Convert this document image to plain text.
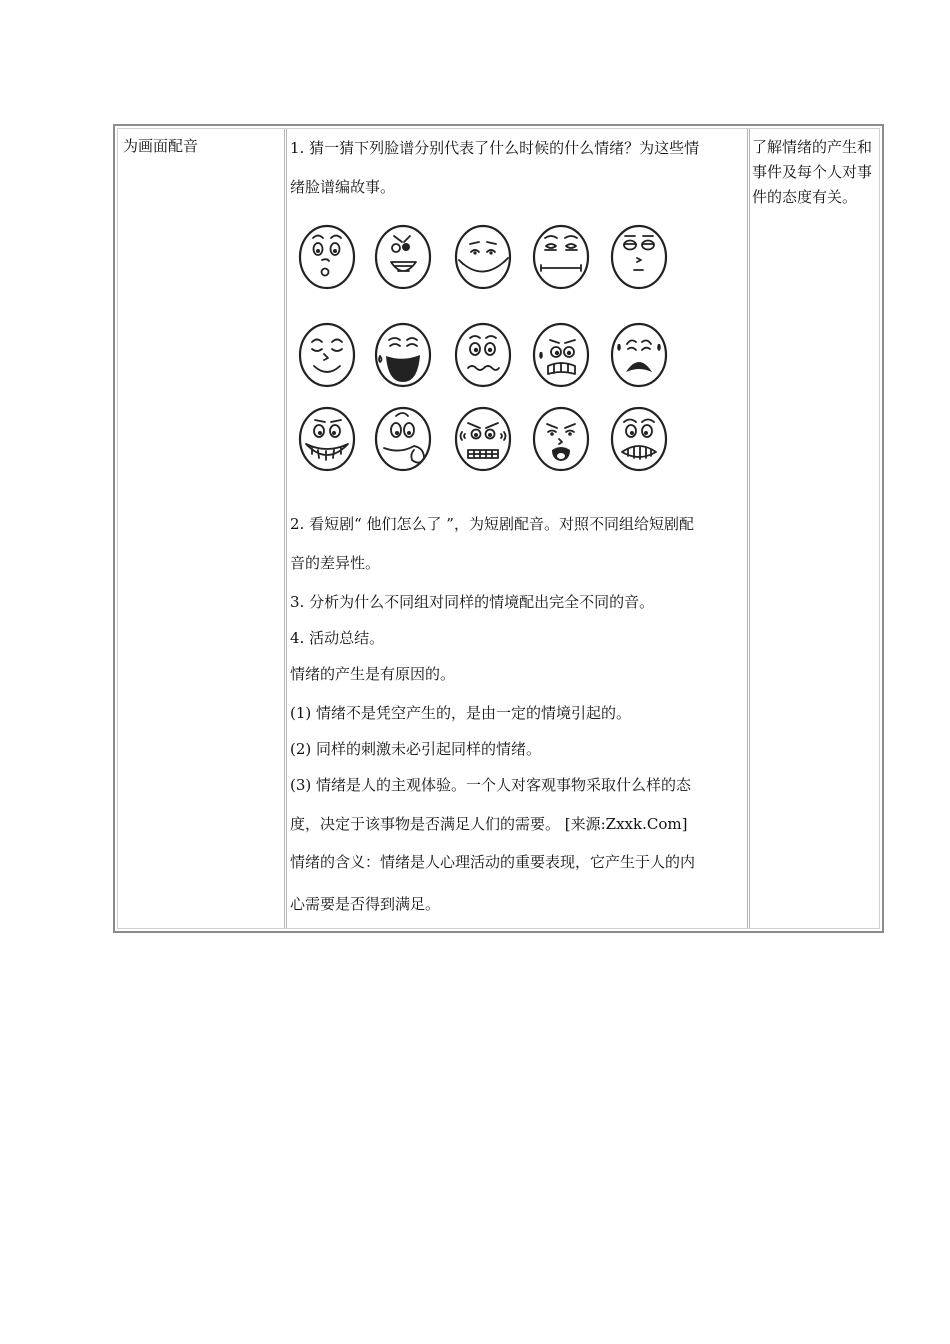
为画面配音	1. 猜一猜下列脸谱分别代表了什么时候的什么情绪？为这些情
绪脸谱编故事。
2. 看短剧“ 他们怎么了 ”，为短剧配音。对照不同组给短剧配
音的差异性。
3. 分析为什么不同组对同样的情境配出完全不同的音。
4. 活动总结。
情绪的产生是有原因的。
(1) 情绪不是凭空产生的，是由一定的情境引起的。
(2) 同样的刺激未必引起同样的情绪。
(3) 情绪是人的主观体验。一个人对客观事物采取什么样的态
度，决定于该事物是否满足人们的需要。 [来源:Zxxk.Com]
情绪的含义：情绪是人心理活动的重要表现，它产生于人的内
心需要是否得到满足。
了解情绪的产生和事件及每个人对事件的态度有关。
